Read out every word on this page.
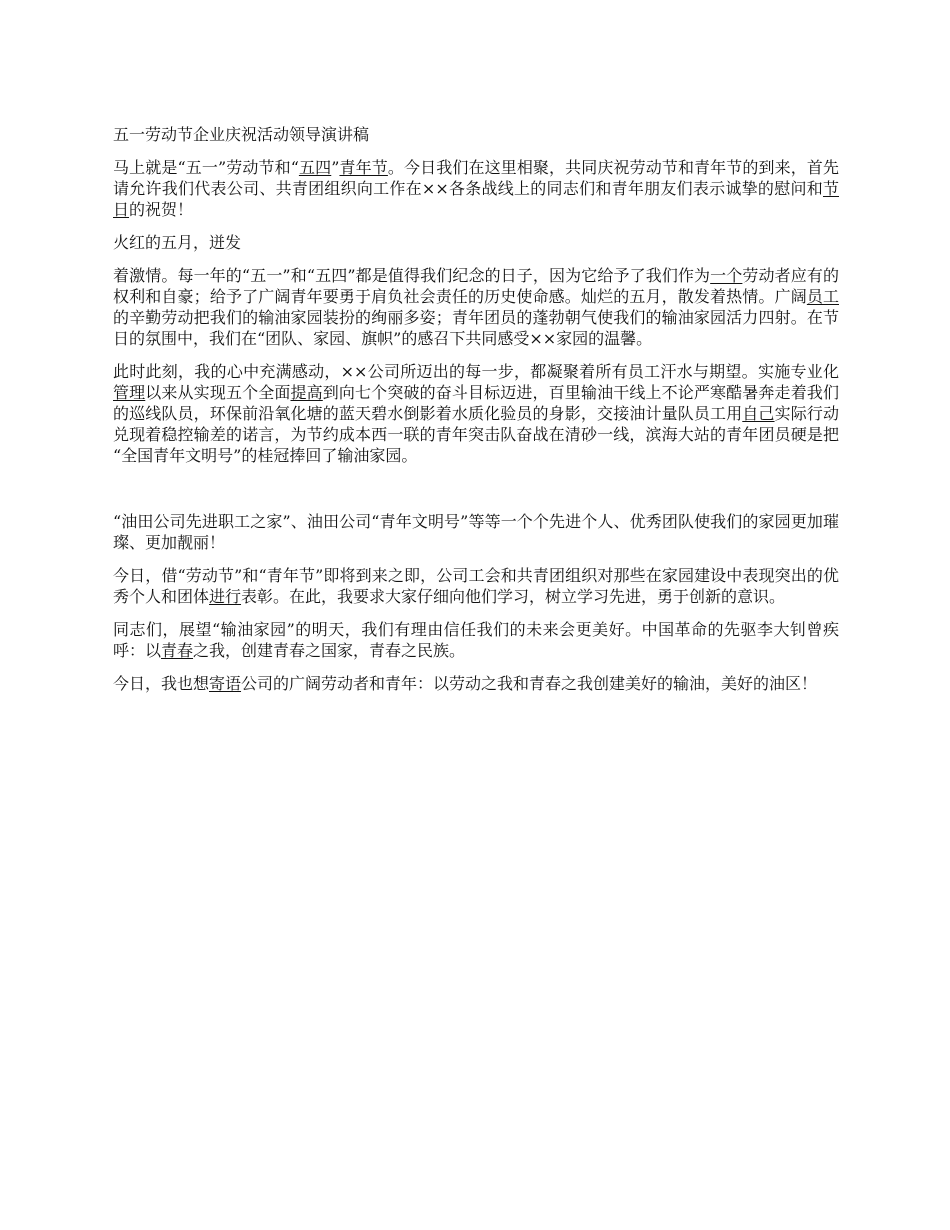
五一劳动节企业庆祝活动领导演讲稿

马上就是“五一”劳动节和“五四”青年节。今日我们在这里相聚，共同庆祝劳动节和青年节的到来，首先请允许我们代表公司、共青团组织向工作在××各条战线上的同志们和青年朋友们表示诚挚的慰问和节日的祝贺！

火红的五月，迸发

着激情。每一年的“五一”和“五四”都是值得我们纪念的日子，因为它给予了我们作为一个劳动者应有的权利和自豪；给予了广阔青年要勇于肩负社会责任的历史使命感。灿烂的五月，散发着热情。广阔员工的辛勤劳动把我们的输油家园装扮的绚丽多姿；青年团员的蓬勃朝气使我们的输油家园活力四射。在节日的氛围中，我们在“团队、家园、旗帜”的感召下共同感受××家园的温馨。

此时此刻，我的心中充满感动，××公司所迈出的每一步，都凝聚着所有员工汗水与期望。实施专业化管理以来从实现五个全面提高到向七个突破的奋斗目标迈进，百里输油干线上不论严寒酷暑奔走着我们的巡线队员，环保前沿氧化塘的蓝天碧水倒影着水质化验员的身影，交接油计量队员工用自己实际行动兑现着稳控输差的诺言，为节约成本西一联的青年突击队奋战在清砂一线，滨海大站的青年团员硬是把 “全国青年文明号”的桂冠捧回了输油家园。

“油田公司先进职工之家”、油田公司“青年文明号”等等一个个先进个人、优秀团队使我们的家园更加璀璨、更加靓丽！

今日，借“劳动节”和“青年节”即将到来之即，公司工会和共青团组织对那些在家园建设中表现突出的优秀个人和团体进行表彰。在此，我要求大家仔细向他们学习，树立学习先进，勇于创新的意识。

同志们，展望“输油家园”的明天，我们有理由信任我们的未来会更美好。中国革命的先驱李大钊曾疾呼：以青春之我，创建青春之国家，青春之民族。

今日，我也想寄语公司的广阔劳动者和青年：以劳动之我和青春之我创建美好的输油，美好的油区！
